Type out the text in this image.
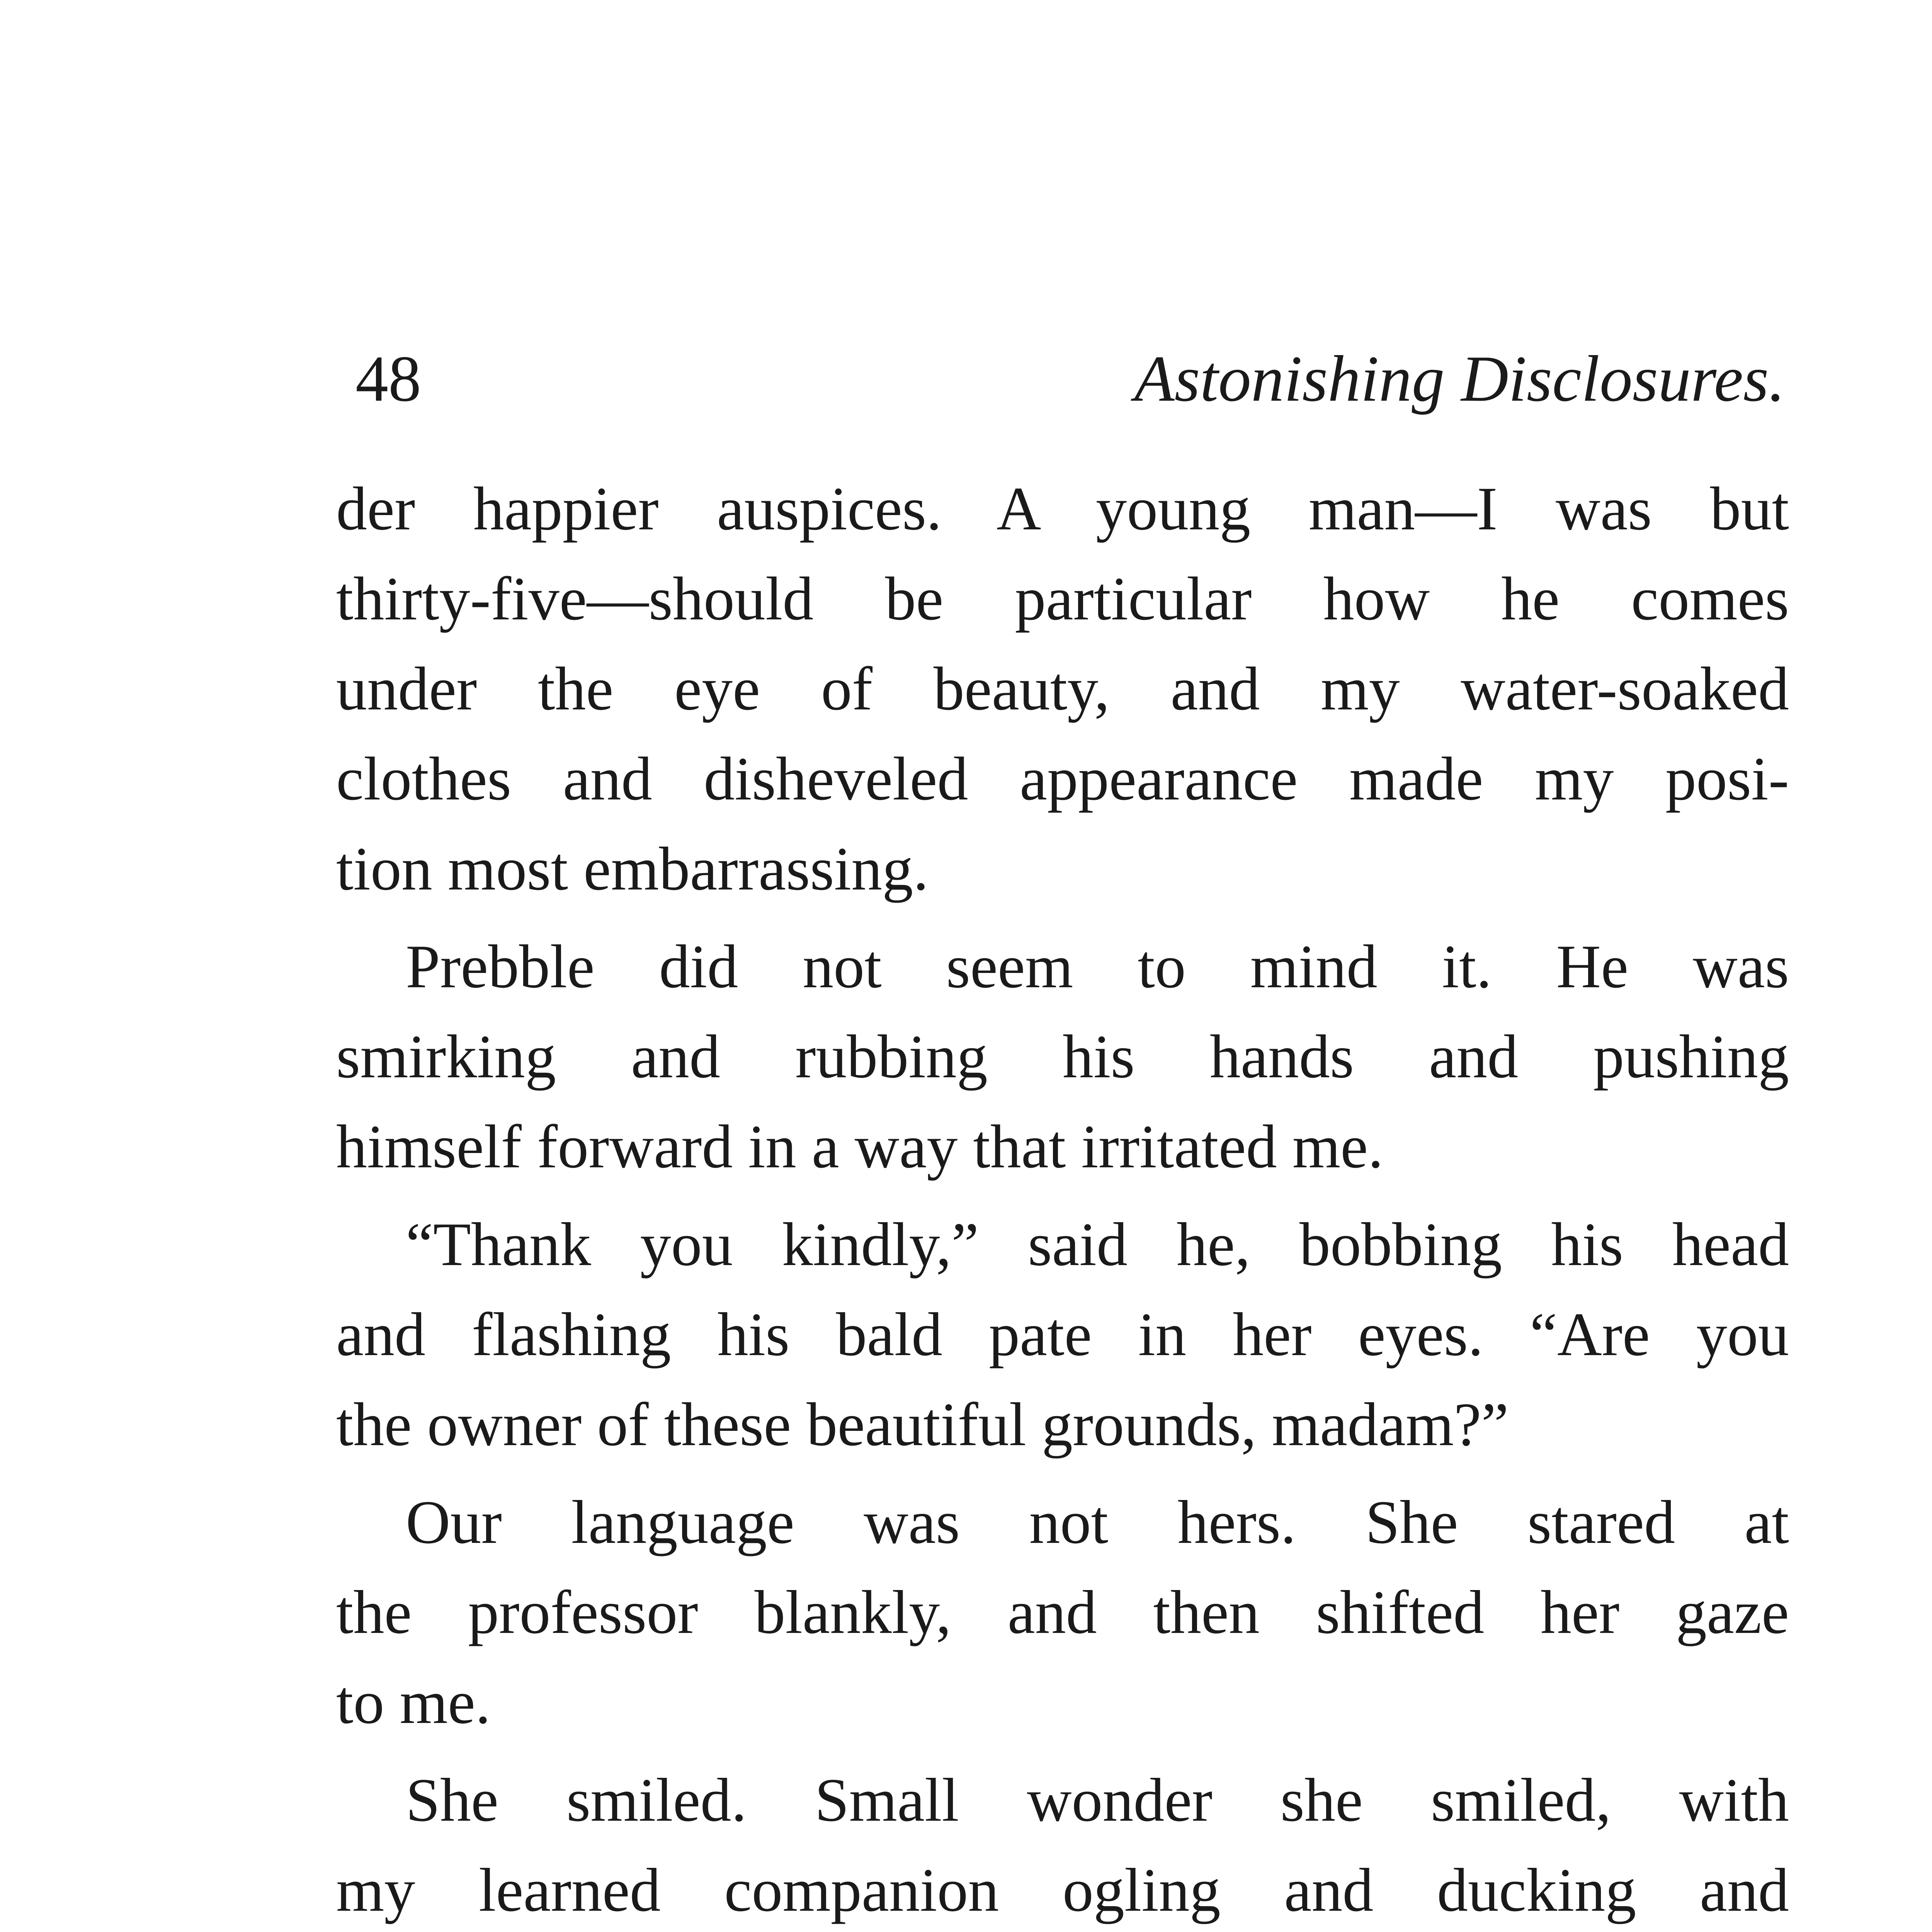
48	Astonishing Disclosures.

der happier auspices. A young man—I was but
thirty-five—should be particular how he comes
under the eye of beauty, and my water-soaked
clothes and disheveled appearance made my posi-
tion most embarrassing.

Prebble did not seem to mind it. He was
smirking and rubbing his hands and pushing
himself forward in a way that irritated me.

“Thank you kindly,” said he, bobbing his head
and flashing his bald pate in her eyes. “Are you
the owner of these beautiful grounds, madam?”

Our language was not hers. She stared at
the professor blankly, and then shifted her gaze
to me.

She smiled. Small wonder she smiled, with
my learned companion ogling and ducking and
